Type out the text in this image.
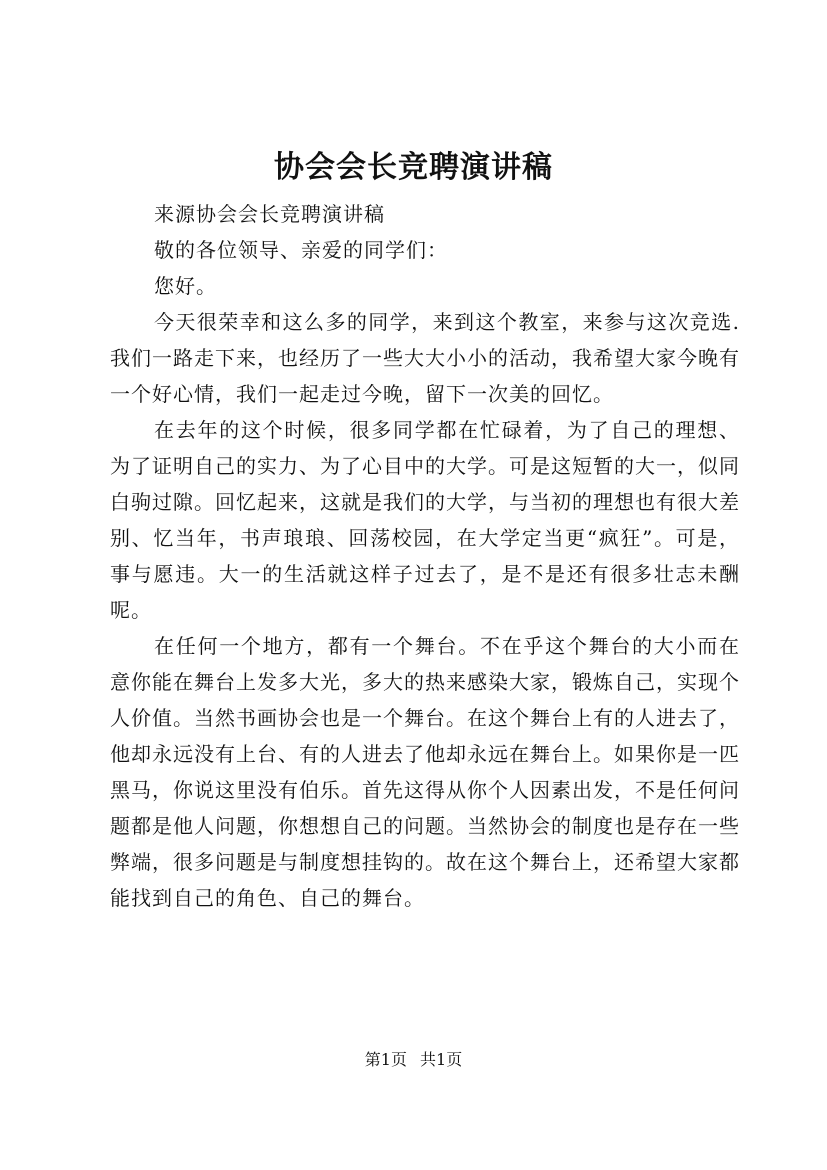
协会会长竞聘演讲稿

来源协会会长竞聘演讲稿

敬的各位领导、亲爱的同学们：

您好。

今天很荣幸和这么多的同学，来到这个教室，来参与这次竞选.我们一路走下来，也经历了一些大大小小的活动，我希望大家今晚有一个好心情，我们一起走过今晚，留下一次美的回忆。

在去年的这个时候，很多同学都在忙碌着，为了自己的理想、为了证明自己的实力、为了心目中的大学。可是这短暂的大一，似同白驹过隙。回忆起来，这就是我们的大学，与当初的理想也有很大差别、忆当年，书声琅琅、回荡校园，在大学定当更“疯狂”。可是，事与愿违。大一的生活就这样子过去了，是不是还有很多壮志未酬呢。

在任何一个地方，都有一个舞台。不在乎这个舞台的大小而在意你能在舞台上发多大光，多大的热来感染大家，锻炼自己，实现个人价值。当然书画协会也是一个舞台。在这个舞台上有的人进去了，他却永远没有上台、有的人进去了他却永远在舞台上。如果你是一匹黑马，你说这里没有伯乐。首先这得从你个人因素出发，不是任何问题都是他人问题，你想想自己的问题。当然协会的制度也是存在一些弊端，很多问题是与制度想挂钩的。故在这个舞台上，还希望大家都能找到自己的角色、自己的舞台。

第1页 共1页
